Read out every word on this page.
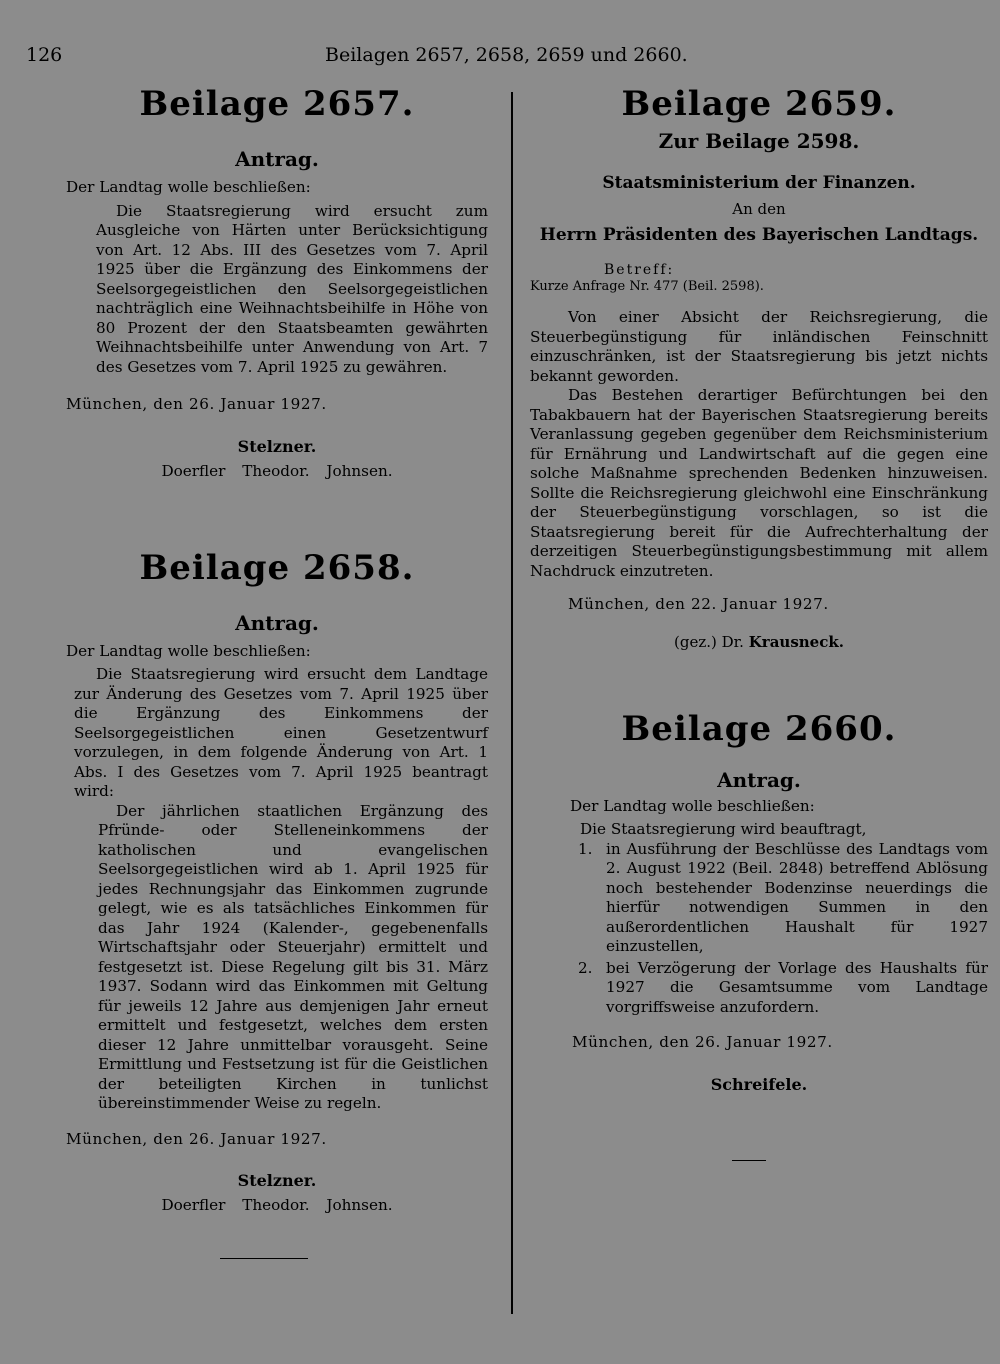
126	Beilagen 2657, 2658, 2659 und 2660.
Beilage 2657.
Antrag.

Der Landtag wolle beschließen:

Die Staatsregierung wird ersucht zum Ausgleiche von Härten unter Berücksichtigung von Art. 12 Abs. III des Gesetzes vom 7. April 1925 über die Ergänzung des Einkommens der Seelsorgegeistlichen den Seelsorgegeistlichen nachträglich eine Weihnachtsbeihilfe in Höhe von 80 Prozent der den Staatsbeamten gewährten Weihnachtsbeihilfe unter Anwendung von Art. 7 des Gesetzes vom 7. April 1925 zu gewähren.

München, den 26. Januar 1927.

Stelzner.
Doerfler Theodor. Johnsen.
Beilage 2658.
Antrag.

Der Landtag wolle beschließen:

Die Staatsregierung wird ersucht dem Landtage zur Änderung des Gesetzes vom 7. April 1925 über die Ergänzung des Einkommens der Seelsorgegeistlichen einen Gesetzentwurf vorzulegen, in dem folgende Änderung von Art. 1 Abs. I des Gesetzes vom 7. April 1925 beantragt wird:

Der jährlichen staatlichen Ergänzung des Pfründe- oder Stelleneinkommens der katholischen und evangelischen Seelsorgegeistlichen wird ab 1. April 1925 für jedes Rechnungsjahr das Einkommen zugrunde gelegt, wie es als tatsächliches Einkommen für das Jahr 1924 (Kalender-, gegebenenfalls Wirtschaftsjahr oder Steuerjahr) ermittelt und festgesetzt ist. Diese Regelung gilt bis 31. März 1937. Sodann wird das Einkommen mit Geltung für jeweils 12 Jahre aus demjenigen Jahr erneut ermittelt und festgesetzt, welches dem ersten dieser 12 Jahre unmittelbar vorausgeht. Seine Ermittlung und Festsetzung ist für die Geistlichen der beteiligten Kirchen in tunlichst übereinstimmender Weise zu regeln.

München, den 26. Januar 1927.

Stelzner.
Doerfler Theodor. Johnsen.
Beilage 2659.
Zur Beilage 2598.
Staatsministerium der Finanzen.
An den
Herrn Präsidenten des Bayerischen Landtags.
Betreff:
Kurze Anfrage Nr. 477 (Beil. 2598).

Von einer Absicht der Reichsregierung, die Steuerbegünstigung für inländischen Feinschnitt einzuschränken, ist der Staatsregierung bis jetzt nichts bekannt geworden.

Das Bestehen derartiger Befürchtungen bei den Tabakbauern hat der Bayerischen Staatsregierung bereits Veranlassung gegeben gegenüber dem Reichsministerium für Ernährung und Landwirtschaft auf die gegen eine solche Maßnahme sprechenden Bedenken hinzuweisen. Sollte die Reichsregierung gleichwohl eine Einschränkung der Steuerbegünstigung vorschlagen, so ist die Staatsregierung bereit für die Aufrechterhaltung der derzeitigen Steuerbegünstigungsbestimmung mit allem Nachdruck einzutreten.

München, den 22. Januar 1927.

(gez.) Dr. Krausneck.
Beilage 2660.
Antrag.

Der Landtag wolle beschließen:

Die Staatsregierung wird beauftragt,

1. in Ausführung der Beschlüsse des Landtags vom 2. August 1922 (Beil. 2848) betreffend Ablösung noch bestehender Bodenzinse neuerdings die hierfür notwendigen Summen in den außerordentlichen Haushalt für 1927 einzustellen,

2. bei Verzögerung der Vorlage des Haushalts für 1927 die Gesamtsumme vom Landtage vorgriffsweise anzufordern.

München, den 26. Januar 1927.

Schreifele.
